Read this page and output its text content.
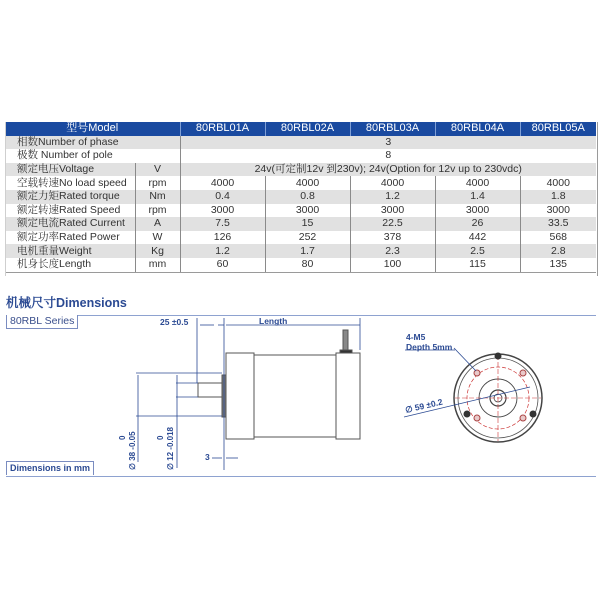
型号Model		80RBL01A	80RBL02A	80RBL03A	80RBL04A	80RBL05A
相数Number of phase		3				
极数 Number of pole		8				
额定电压Voltage	V	24v(可定制12v 到230v); 24v(Option for 12v up to 230vdc)				
空载转速No load speed	rpm	4000	4000	4000	4000	4000
额定力矩Rated torque	Nm	0.4	0.8	1.2	1.4	1.8
额定转速Rated Speed	rpm	3000	3000	3000	3000	3000
额定电流Rated Current	A	7.5	15	22.5	26	33.5
额定功率Rated Power	W	126	252	378	442	568
电机重量Weight	Kg	1.2	1.7	2.3	2.5	2.8
机身长度Length	mm	60	80	100	115	135
机械尺寸Dimensions
80RBL Series
Dimensions in mm
25 ±0.5	Length
3
0 ∅ 38 -0.05 0 ∅ 12 -0.018
4-M5
Depth 5mm
∅ 59 ±0.2
